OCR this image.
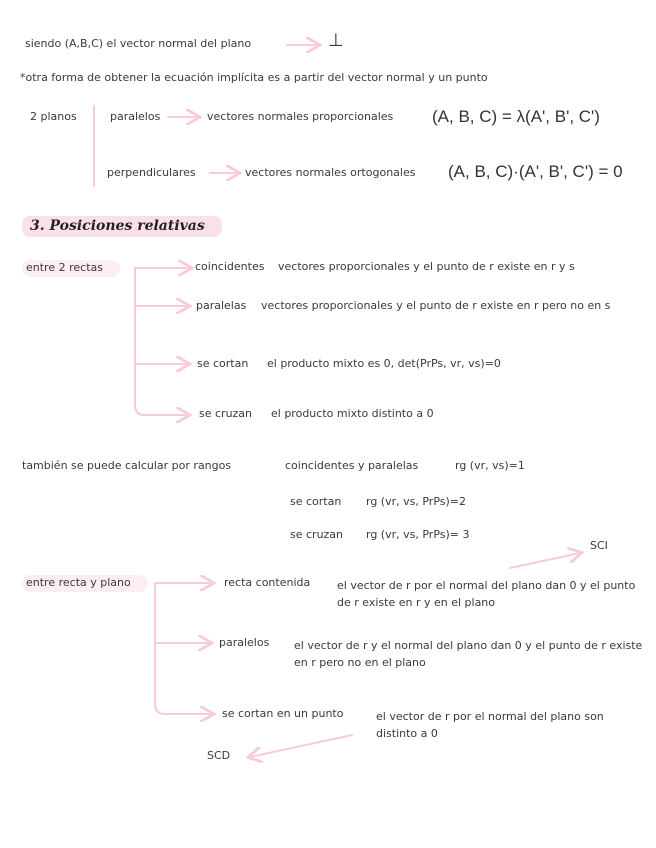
siendo (A,B,C) el vector normal del plano	⊥
*otra forma de obtener la ecuación implícita es a partir del vector normal y un punto
2 planos	paralelos	vectores normales proporcionales (A, B, C) = λ(A', B', C')
perpendiculares	vectores normales ortogonales (A, B, C)·(A', B', C') = 0
3. Posiciones relativas
entre 2 rectas	coincidentes vectores proporcionales y el punto de r existe en r y s
paralelas vectores proporcionales y el punto de r existe en r pero no en s
se cortan el producto mixto es 0, det(PrPs, vr, vs)=0
se cruzan el producto mixto distinto a 0
también se puede calcular por rangos	coincidentes y paralelas	rg (vr, vs)=1
se cortan rg (vr, vs, PrPs)=2
se cruzan rg (vr, vs, PrPs)= 3
SCI
entre recta y plano	recta contenida el vector de r por el normal del plano dan 0 y el punto de r existe en r y en el plano
paralelos el vector de r y el normal del plano dan 0 y el punto de r existe en r pero no en el plano
se cortan en un punto	el vector de r por el normal del plano son distinto a 0
SCD
